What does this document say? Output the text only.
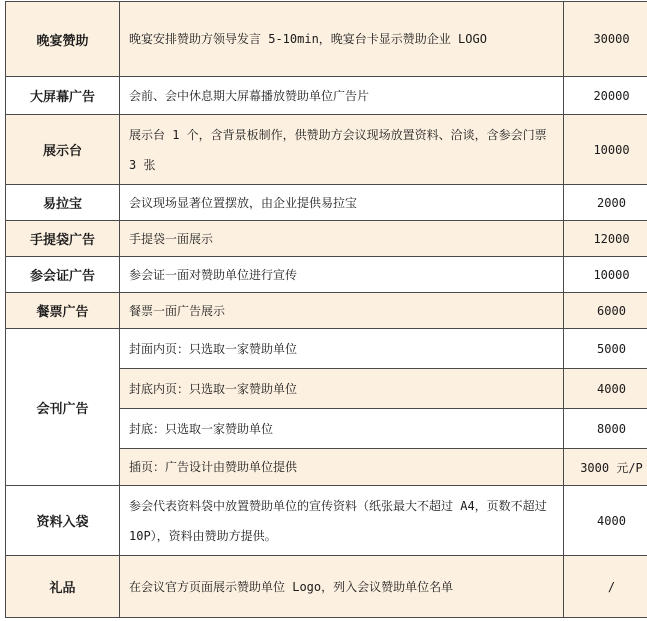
晚宴赞助	晚宴安排赞助方领导发言 5-10min，晚宴台卡显示赞助企业 LOGO	30000
大屏幕广告	会前、会中休息期大屏幕播放赞助单位广告片	20000
展示台	展示台 1 个，含背景板制作，供赞助方会议现场放置资料、洽谈，含参会门票 3 张	10000
易拉宝	会议现场显著位置摆放，由企业提供易拉宝	2000
手提袋广告	手提袋一面展示	12000
参会证广告	参会证一面对赞助单位进行宣传	10000
餐票广告	餐票一面广告展示	6000
会刊广告	封面内页：只选取一家赞助单位	5000
	封底内页：只选取一家赞助单位	4000
	封底：只选取一家赞助单位	8000
	插页：广告设计由赞助单位提供	3000 元/P
资料入袋	参会代表资料袋中放置赞助单位的宣传资料（纸张最大不超过 A4，页数不超过 10P），资料由赞助方提供。	4000
礼品	在会议官方页面展示赞助单位 Logo，列入会议赞助单位名单	/
